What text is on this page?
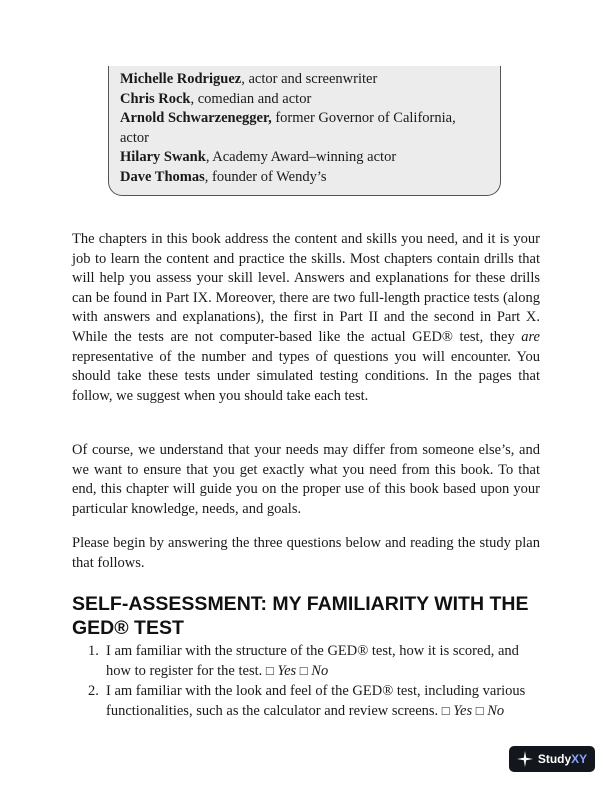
Michelle Rodriguez, actor and screenwriter

Chris Rock, comedian and actor

Arnold Schwarzenegger, former Governor of California,

actor

Hilary Swank, Academy Award–winning actor

Dave Thomas, founder of Wendy’s

The chapters in this book address the content and skills you need, and it is your job to learn the content and practice the skills. Most chapters contain drills that will help you assess your skill level. Answers and explanations for these drills can be found in Part IX. Moreover, there are two full-length practice tests (along with answers and explanations), the first in Part II and the second in Part X. While the tests are not computer-based like the actual GED® test, they are representative of the number and types of questions you will encounter. You should take these tests under simulated testing conditions. In the pages that follow, we suggest when you should take each test.

Of course, we understand that your needs may differ from someone else’s, and we want to ensure that you get exactly what you need from this book. To that end, this chapter will guide you on the proper use of this book based upon your particular knowledge, needs, and goals.

Please begin by answering the three questions below and reading the study plan that follows.

SELF-ASSESSMENT: MY FAMILIARITY WITH THE GED® TEST
1. I am familiar with the structure of the GED® test, how it is scored, and how to register for the test. □ Yes □ No
2. I am familiar with the look and feel of the GED® test, including various functionalities, such as the calculator and review screens. □ Yes □ No
StudyXY
